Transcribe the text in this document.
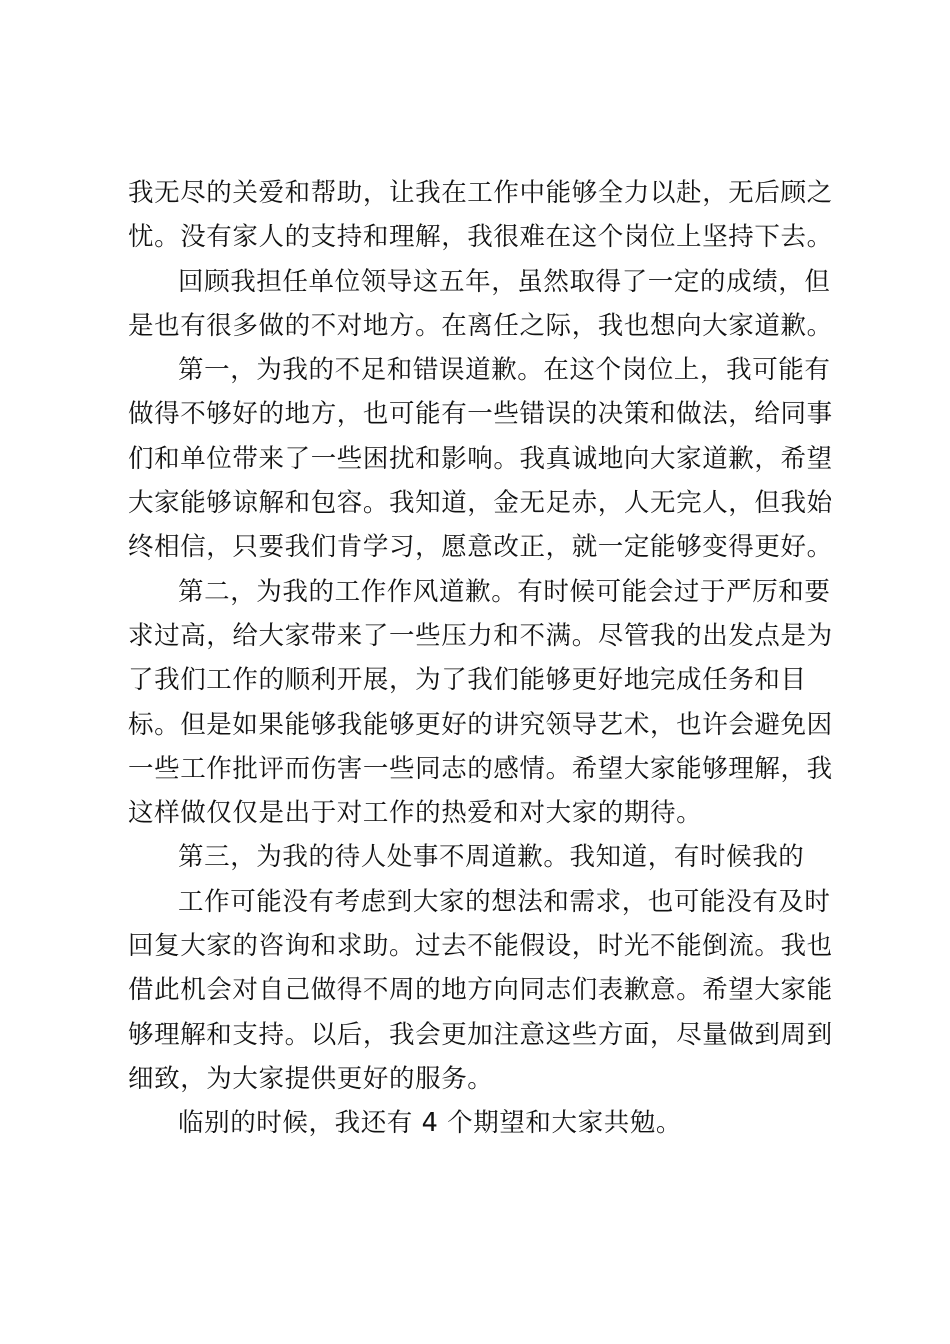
我无尽的关爱和帮助，让我在工作中能够全力以赴，无后顾之
忧。没有家人的支持和理解，我很难在这个岗位上坚持下去。
回顾我担任单位领导这五年，虽然取得了一定的成绩，但
是也有很多做的不对地方。在离任之际，我也想向大家道歉。
第一，为我的不足和错误道歉。在这个岗位上，我可能有
做得不够好的地方，也可能有一些错误的决策和做法，给同事
们和单位带来了一些困扰和影响。我真诚地向大家道歉，希望
大家能够谅解和包容。我知道，金无足赤，人无完人，但我始
终相信，只要我们肯学习，愿意改正，就一定能够变得更好。
第二，为我的工作作风道歉。有时候可能会过于严厉和要
求过高，给大家带来了一些压力和不满。尽管我的出发点是为
了我们工作的顺利开展，为了我们能够更好地完成任务和目
标。但是如果能够我能够更好的讲究领导艺术，也许会避免因
一些工作批评而伤害一些同志的感情。希望大家能够理解，我
这样做仅仅是出于对工作的热爱和对大家的期待。
第三，为我的待人处事不周道歉。我知道，有时候我的
工作可能没有考虑到大家的想法和需求，也可能没有及时
回复大家的咨询和求助。过去不能假设，时光不能倒流。我也
借此机会对自己做得不周的地方向同志们表歉意。希望大家能
够理解和支持。以后，我会更加注意这些方面，尽量做到周到
细致，为大家提供更好的服务。
临别的时候，我还有 4 个期望和大家共勉。
